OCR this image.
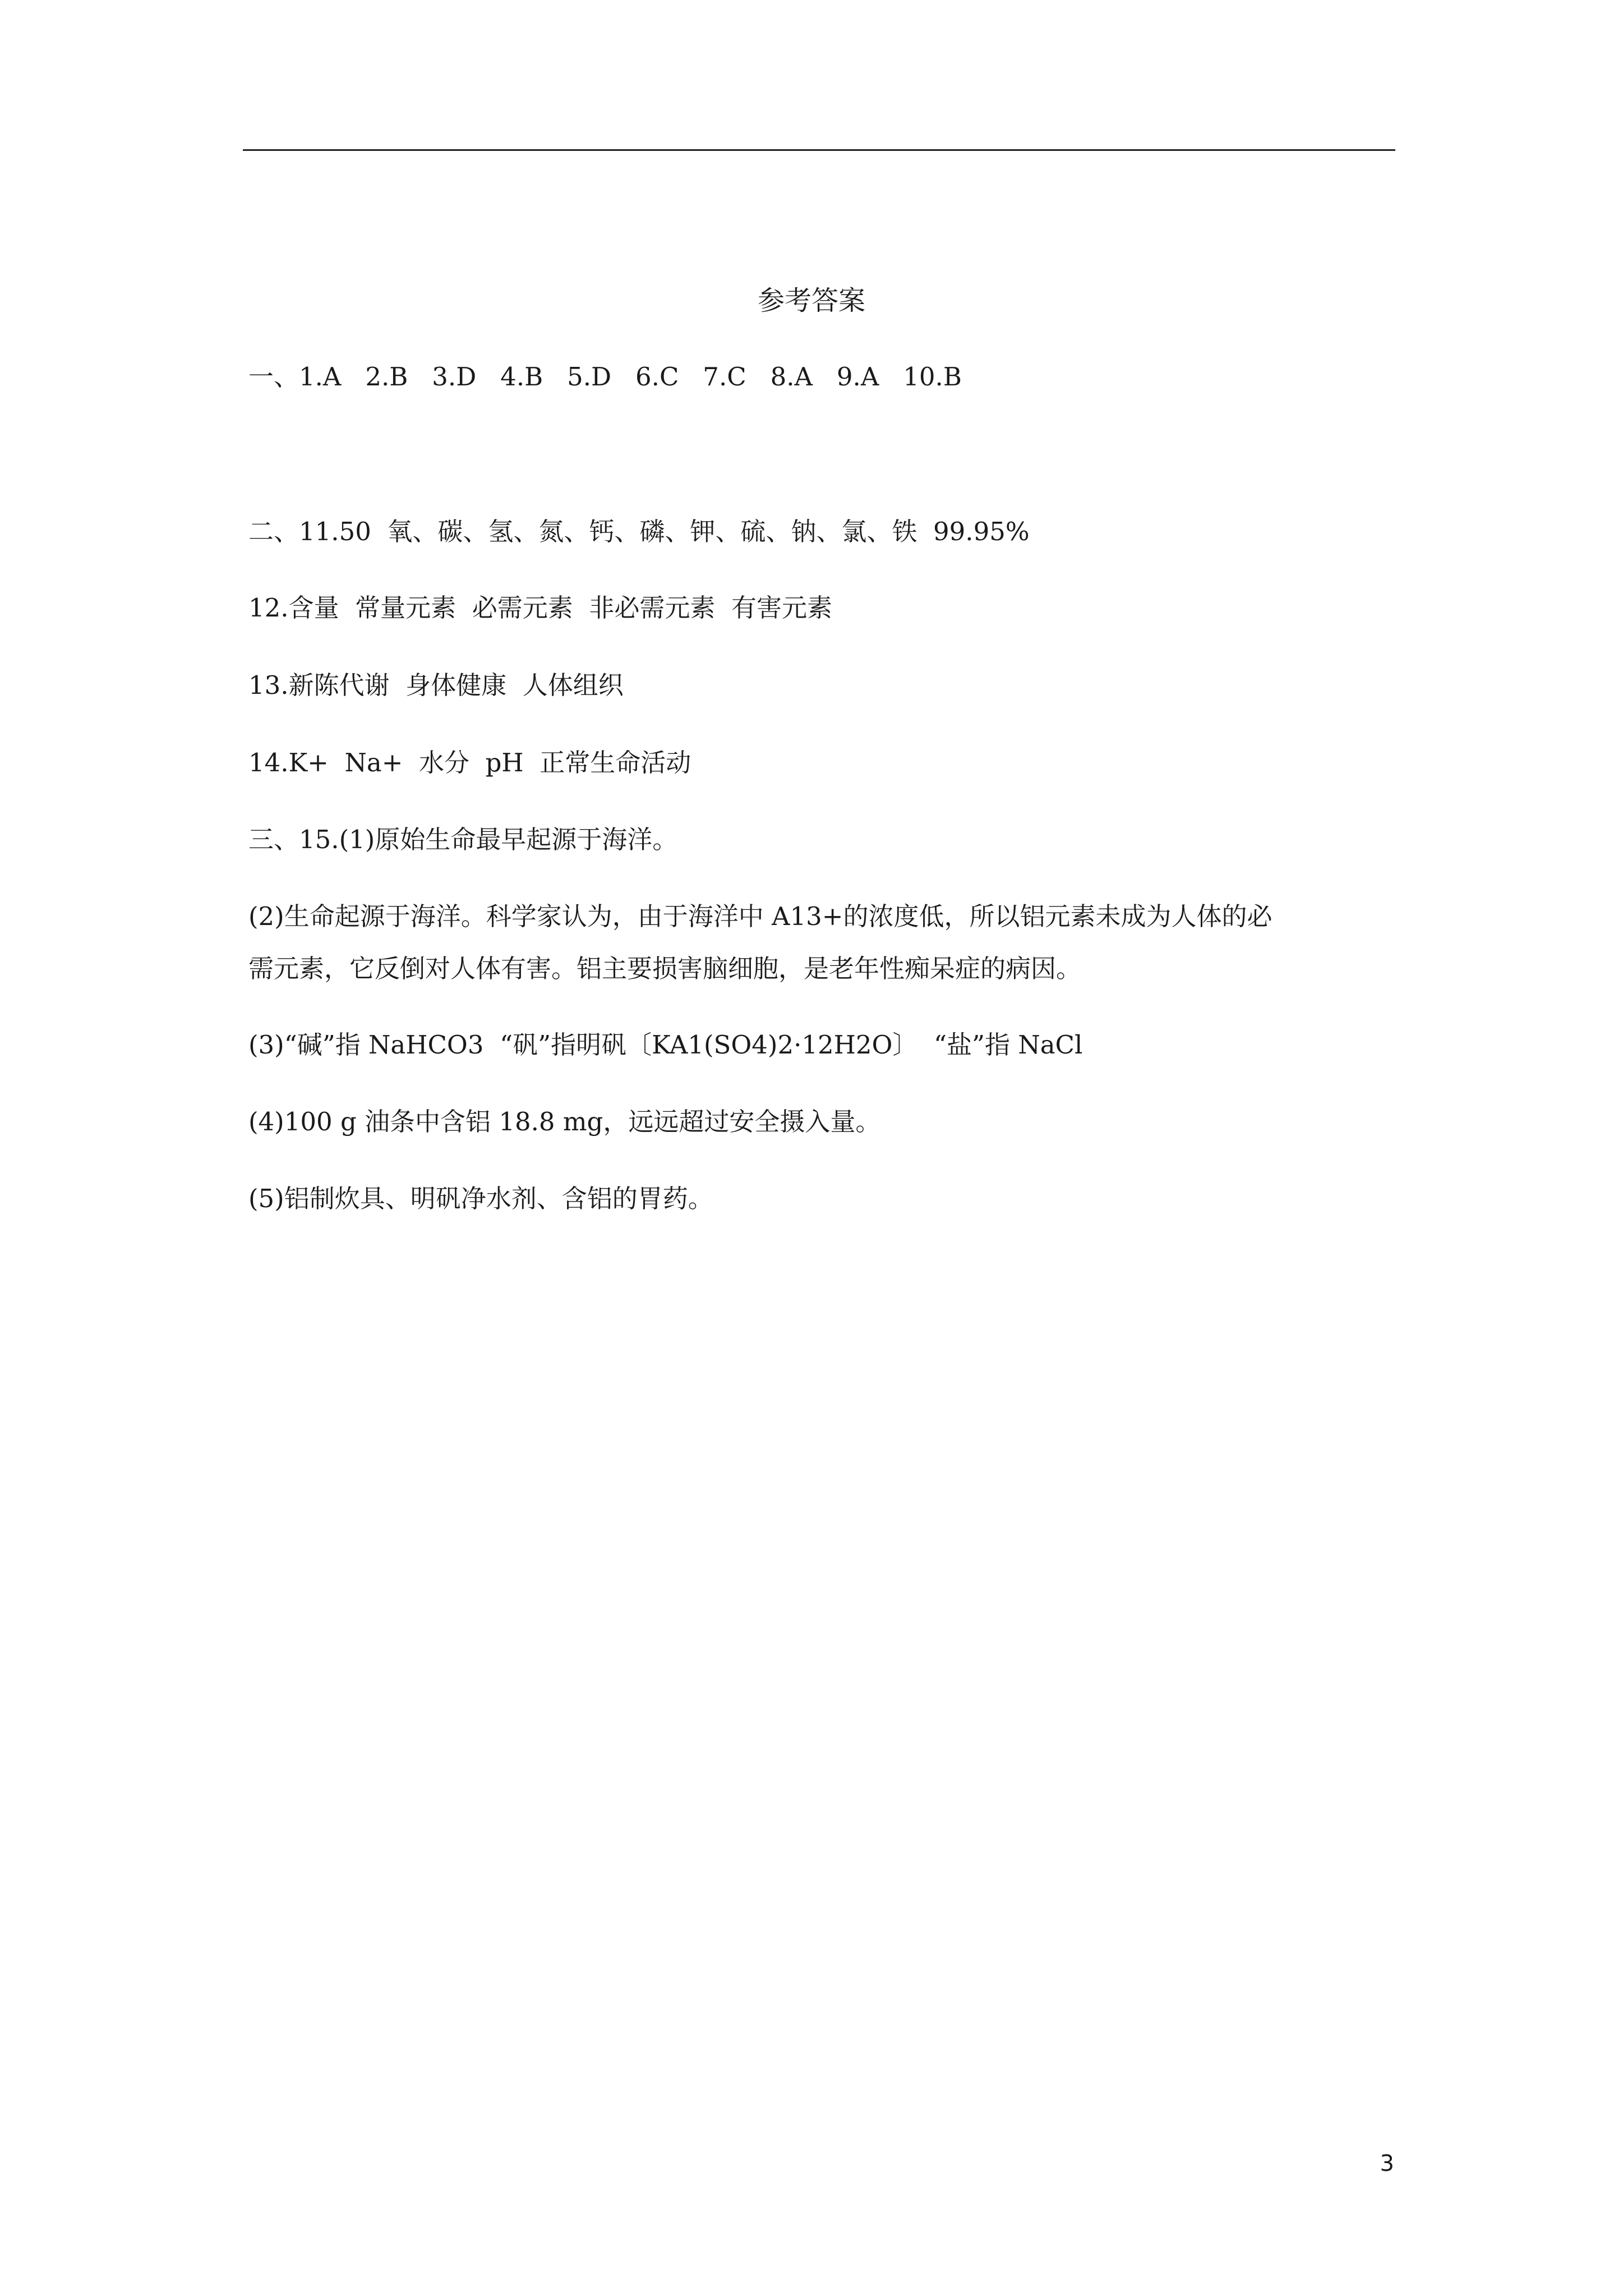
参考答案
一、1.A   2.B   3.D   4.B   5.D   6.C   7.C   8.A   9.A   10.B
二、11.50  氧、碳、氢、氮、钙、磷、钾、硫、钠、氯、铁  99.95%
12.含量  常量元素  必需元素  非必需元素  有害元素
13.新陈代谢  身体健康  人体组织
14.K+  Na+  水分  pH  正常生命活动
三、15.(1)原始生命最早起源于海洋。
(2)生命起源于海洋。科学家认为，由于海洋中 A13+的浓度低，所以铝元素未成为人体的必
需元素，它反倒对人体有害。铝主要损害脑细胞，是老年性痴呆症的病因。
(3)“碱”指 NaHCO3  “矾”指明矾〔KA1(SO4)2·12H2O〕  “盐”指 NaCl
(4)100 g 油条中含铝 18.8 mg，远远超过安全摄入量。
(5)铝制炊具、明矾净水剂、含铝的胃药。
3
